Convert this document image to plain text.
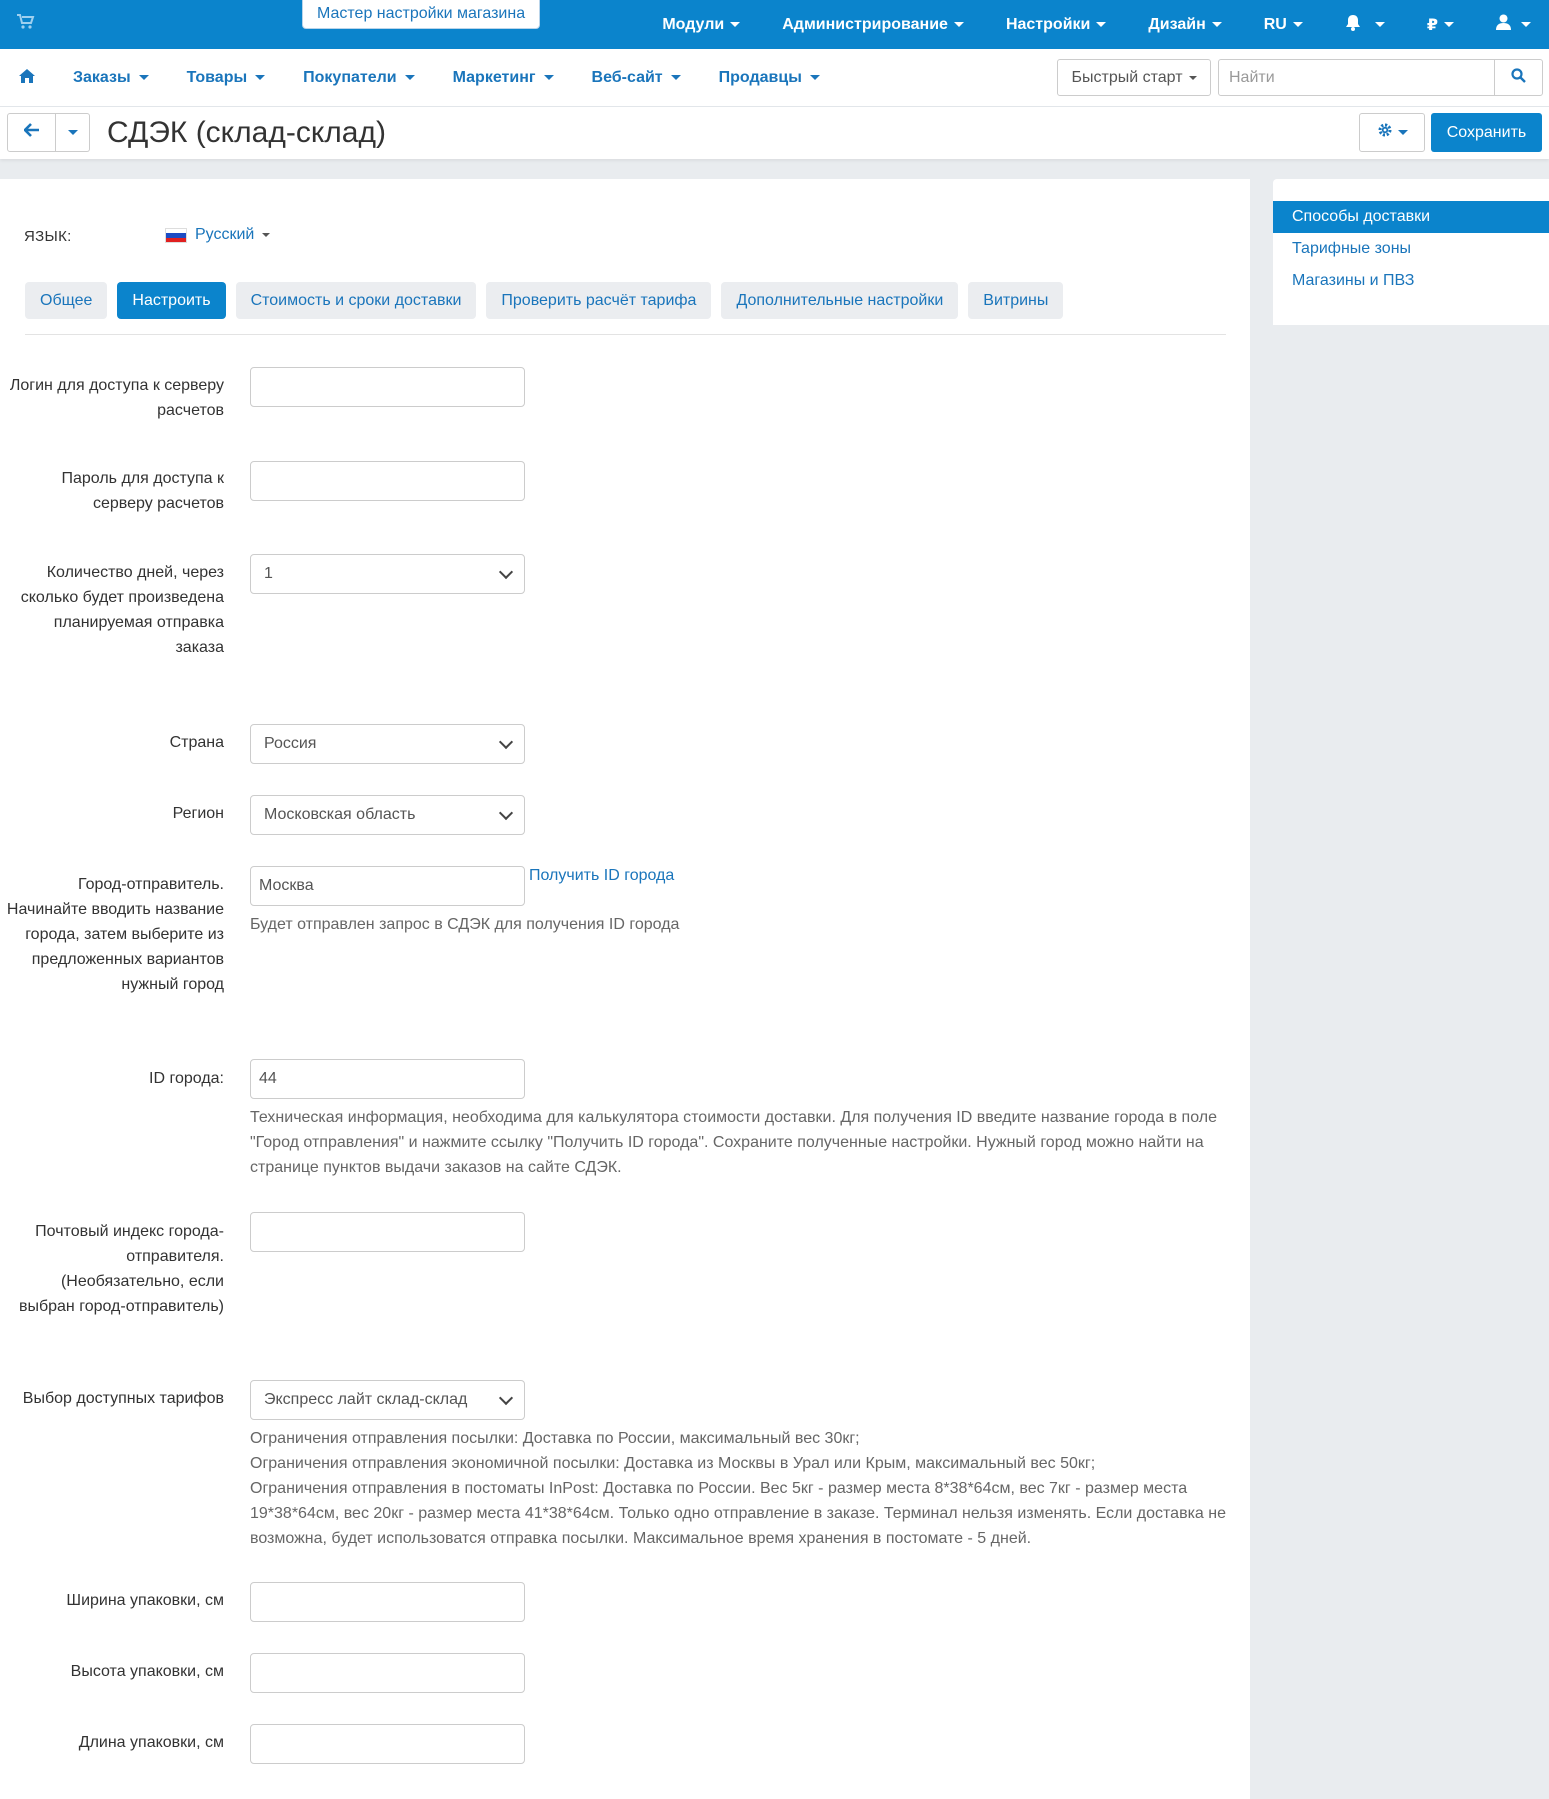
Мастер настройки магазина
Модули	Администрирование	Настройки	Дизайн	RU	₽
Заказы	Товары	Покупатели	Маркетинг	Веб-сайт	Продавцы	Быстрый старт
Найти
СДЭК (склад-склад)	Сохранить
ЯЗЫК:	Русский
Общее	Настроить	Стоимость и сроки доставки	Проверить расчёт тарифа	Дополнительные настройки	Витрины
Логин для доступа к серверу расчетов
Пароль для доступа к серверу расчетов
Количество дней, через сколько будет произведена планируемая отправка заказа
1
Страна	Россия
Регион	Московская область
Город-отправитель. Начинайте вводить название города, затем выберите из предложенных вариантов нужный город
Москва
Получить ID города
Будет отправлен запрос в СДЭК для получения ID города
ID города:	44
Техническая информация, необходима для калькулятора стоимости доставки. Для получения ID введите название города в поле "Город отправления" и нажмите ссылку "Получить ID города". Сохраните полученные настройки. Нужный город можно найти на странице пунктов выдачи заказов на сайте СДЭК.
Почтовый индекс города-отправителя. (Необязательно, если выбран город-отправитель)
Выбор доступных тарифов	Экспресс лайт склад-склад
Ограничения отправления посылки: Доставка по России, максимальный вес 30кг;
Ограничения отправления экономичной посылки: Доставка из Москвы в Урал или Крым, максимальный вес 50кг;
Ограничения отправления в постоматы InPost: Доставка по России. Вес 5кг - размер места 8*38*64см, вес 7кг - размер места 19*38*64см, вес 20кг - размер места 41*38*64см. Только одно отправление в заказе. Терминал нельзя изменять. Если доставка не возможна, будет использоватся отправка посылки. Максимальное время хранения в постомате - 5 дней.
Ширина упаковки, см
Высота упаковки, см
Длина упаковки, см
Способы доставки
Тарифные зоны
Магазины и ПВЗ
